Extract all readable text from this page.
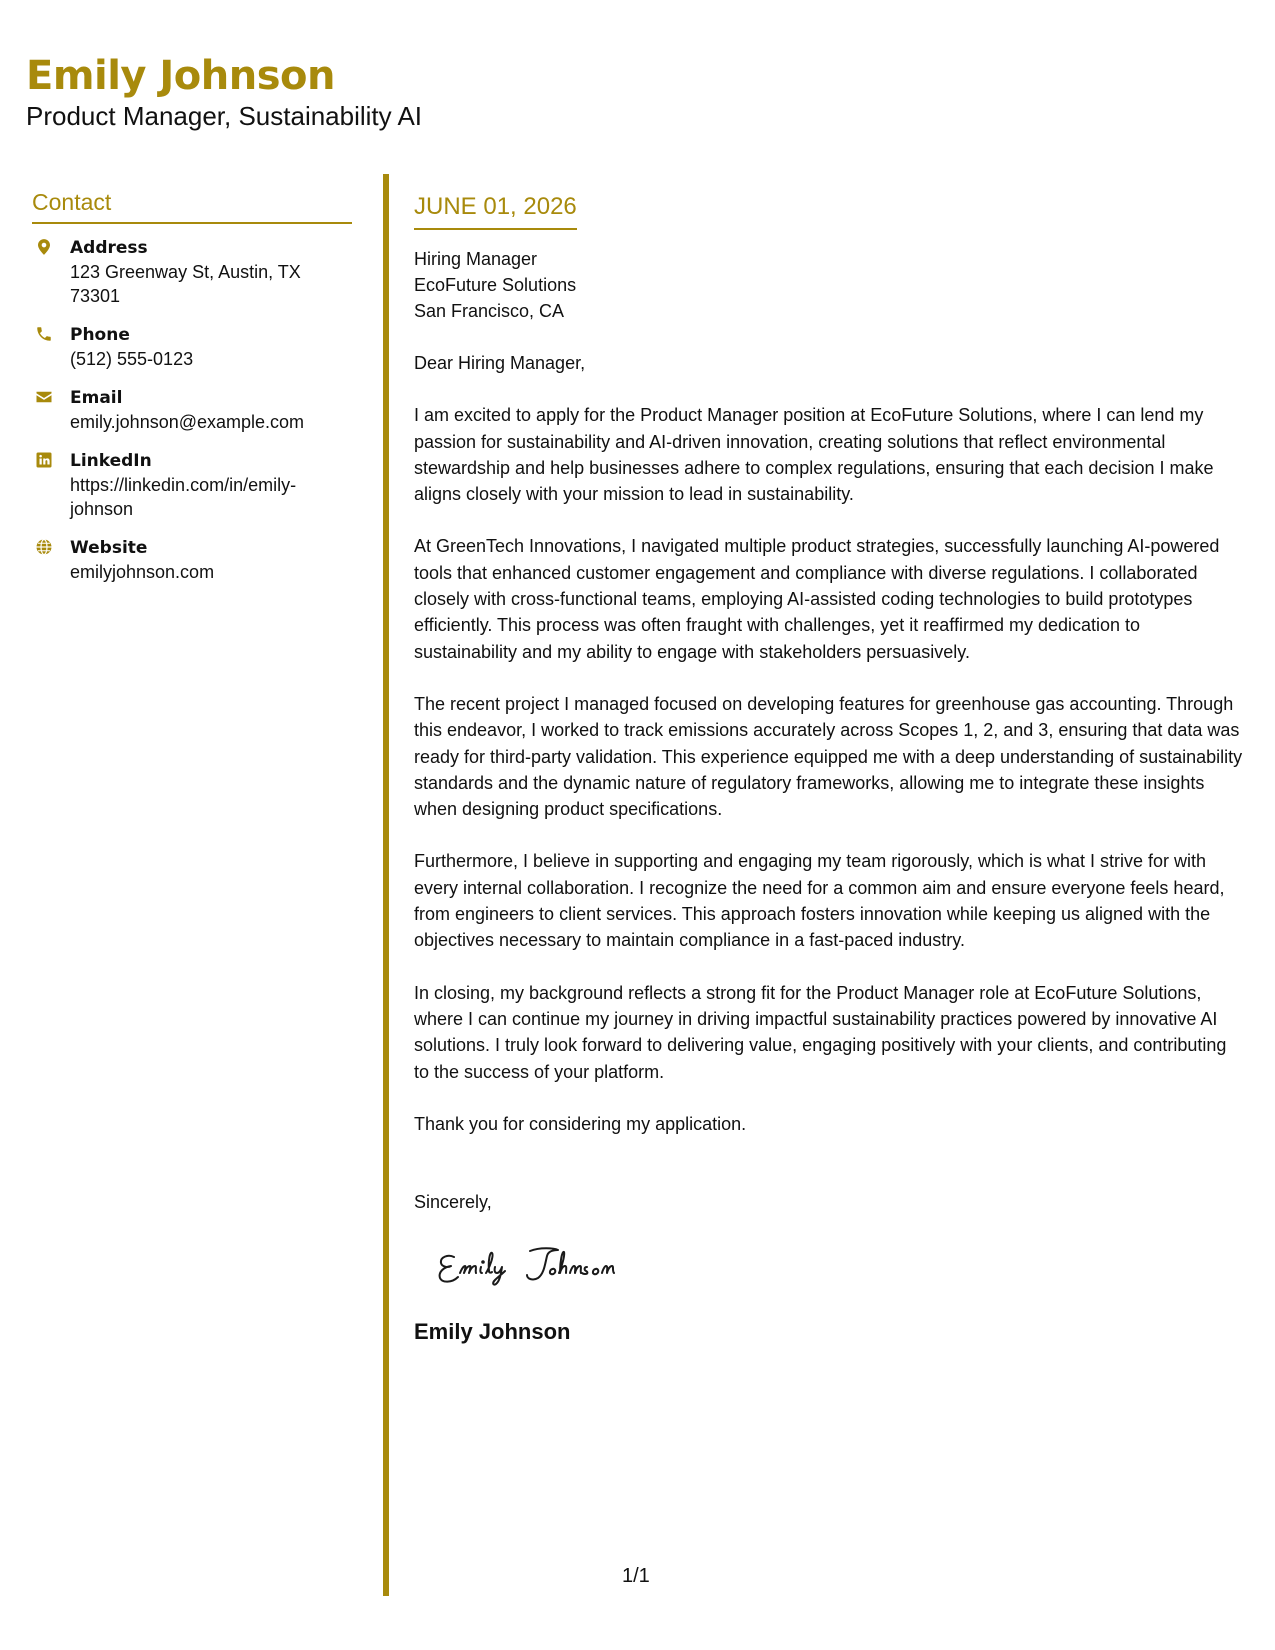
Emily Johnson

Product Manager, Sustainability AI

Contact
Address
123 Greenway St, Austin, TX 73301
Phone
(512) 555-0123
Email
emily.johnson@example.com
LinkedIn
https://linkedin.com/in/emily-johnson
Website
emilyjohnson.com
JUNE 01, 2026
Hiring Manager
EcoFuture Solutions
San Francisco, CA
Dear Hiring Manager,
I am excited to apply for the Product Manager position at EcoFuture Solutions, where I can lend my passion for sustainability and AI-driven innovation, creating solutions that reflect environmental stewardship and help businesses adhere to complex regulations, ensuring that each decision I make aligns closely with your mission to lead in sustainability.
At GreenTech Innovations, I navigated multiple product strategies, successfully launching AI-powered tools that enhanced customer engagement and compliance with diverse regulations. I collaborated closely with cross-functional teams, employing AI-assisted coding technologies to build prototypes efficiently. This process was often fraught with challenges, yet it reaffirmed my dedication to sustainability and my ability to engage with stakeholders persuasively.
The recent project I managed focused on developing features for greenhouse gas accounting. Through this endeavor, I worked to track emissions accurately across Scopes 1, 2, and 3, ensuring that data was ready for third-party validation. This experience equipped me with a deep understanding of sustainability standards and the dynamic nature of regulatory frameworks, allowing me to integrate these insights when designing product specifications.
Furthermore, I believe in supporting and engaging my team rigorously, which is what I strive for with every internal collaboration. I recognize the need for a common aim and ensure everyone feels heard, from engineers to client services. This approach fosters innovation while keeping us aligned with the objectives necessary to maintain compliance in a fast-paced industry.
In closing, my background reflects a strong fit for the Product Manager role at EcoFuture Solutions, where I can continue my journey in driving impactful sustainability practices powered by innovative AI solutions. I truly look forward to delivering value, engaging positively with your clients, and contributing to the success of your platform.
Thank you for considering my application.
Sincerely,
Emily Johnson
1/1
